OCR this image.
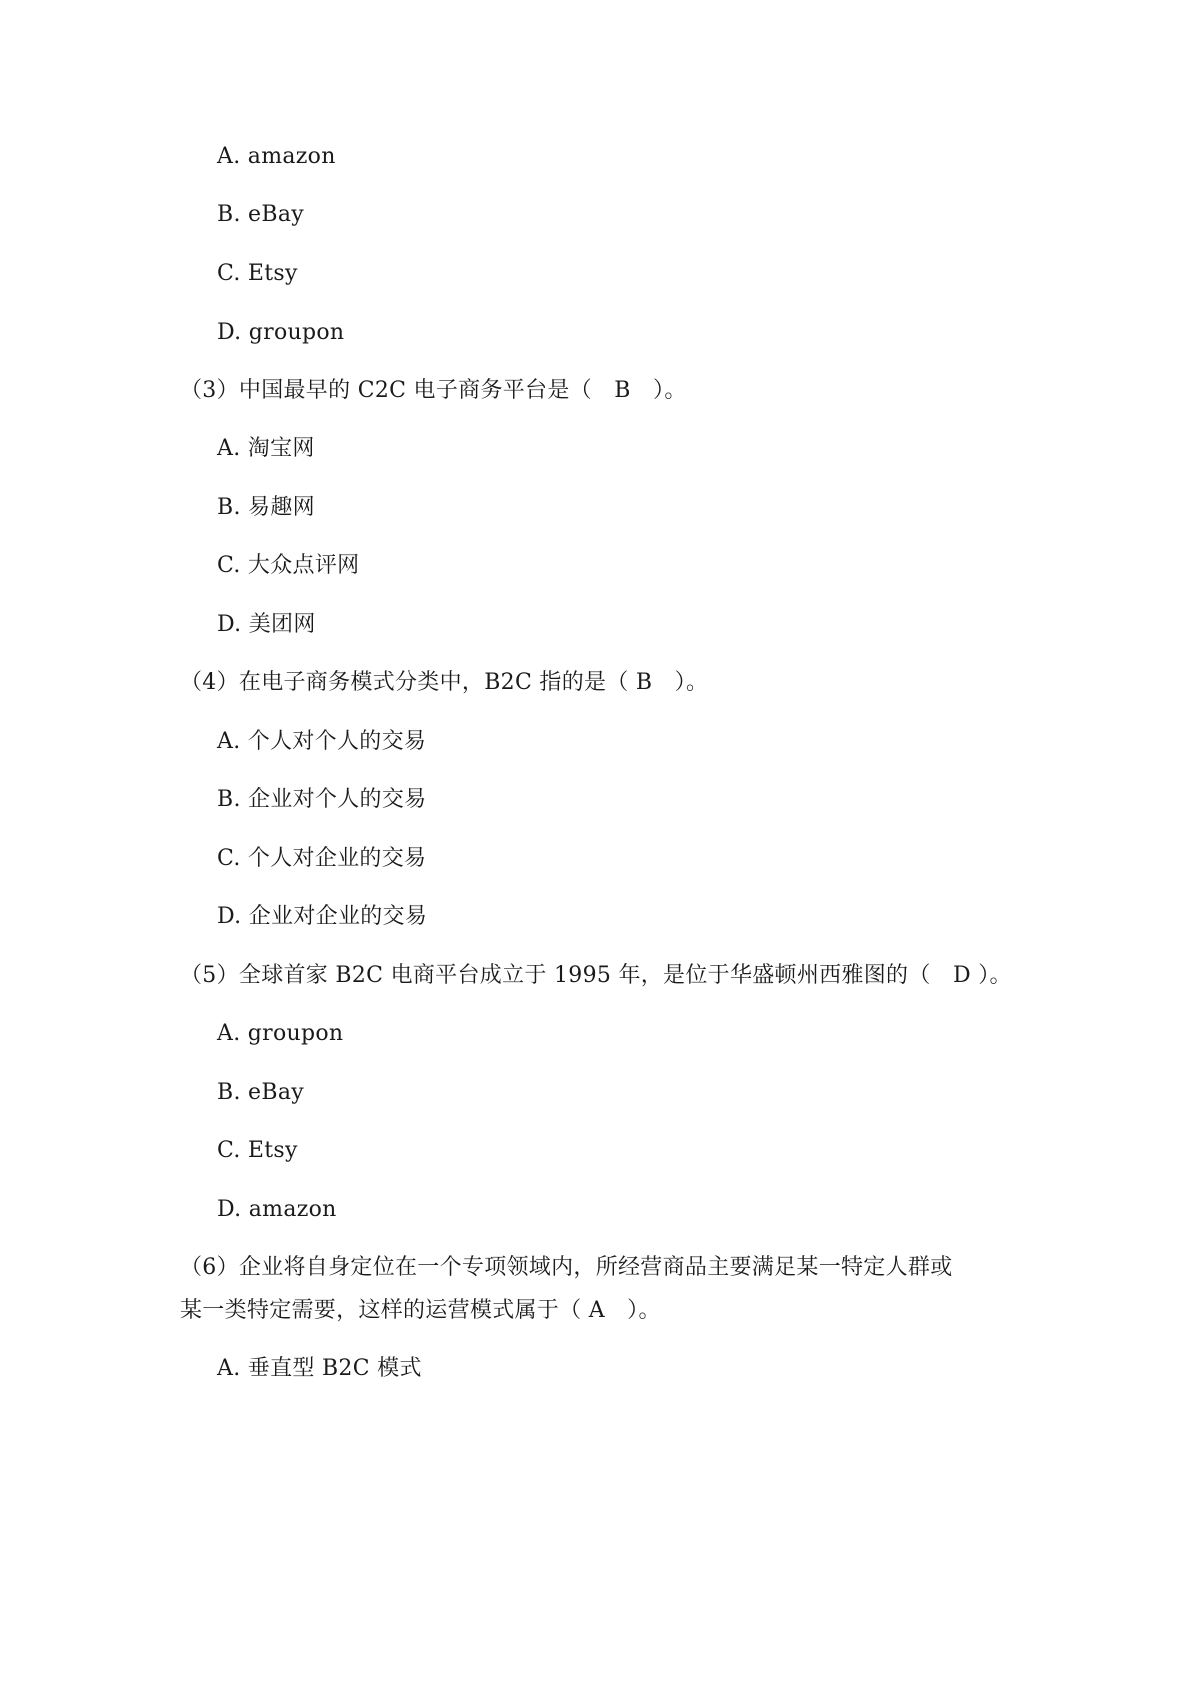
A. amazon
B. eBay
C. Etsy
D. groupon
（3）中国最早的 C2C 电子商务平台是（　B　）。
A. 淘宝网
B. 易趣网
C. 大众点评网
D. 美团网
（4）在电子商务模式分类中，B2C 指的是（ B　）。
A. 个人对个人的交易
B. 企业对个人的交易
C. 个人对企业的交易
D. 企业对企业的交易
（5）全球首家 B2C 电商平台成立于 1995 年，是位于华盛顿州西雅图的（　D ）。
A. groupon
B. eBay
C. Etsy
D. amazon
（6）企业将自身定位在一个专项领域内，所经营商品主要满足某一特定人群或
某一类特定需要，这样的运营模式属于（ A　）。
A. 垂直型 B2C 模式
